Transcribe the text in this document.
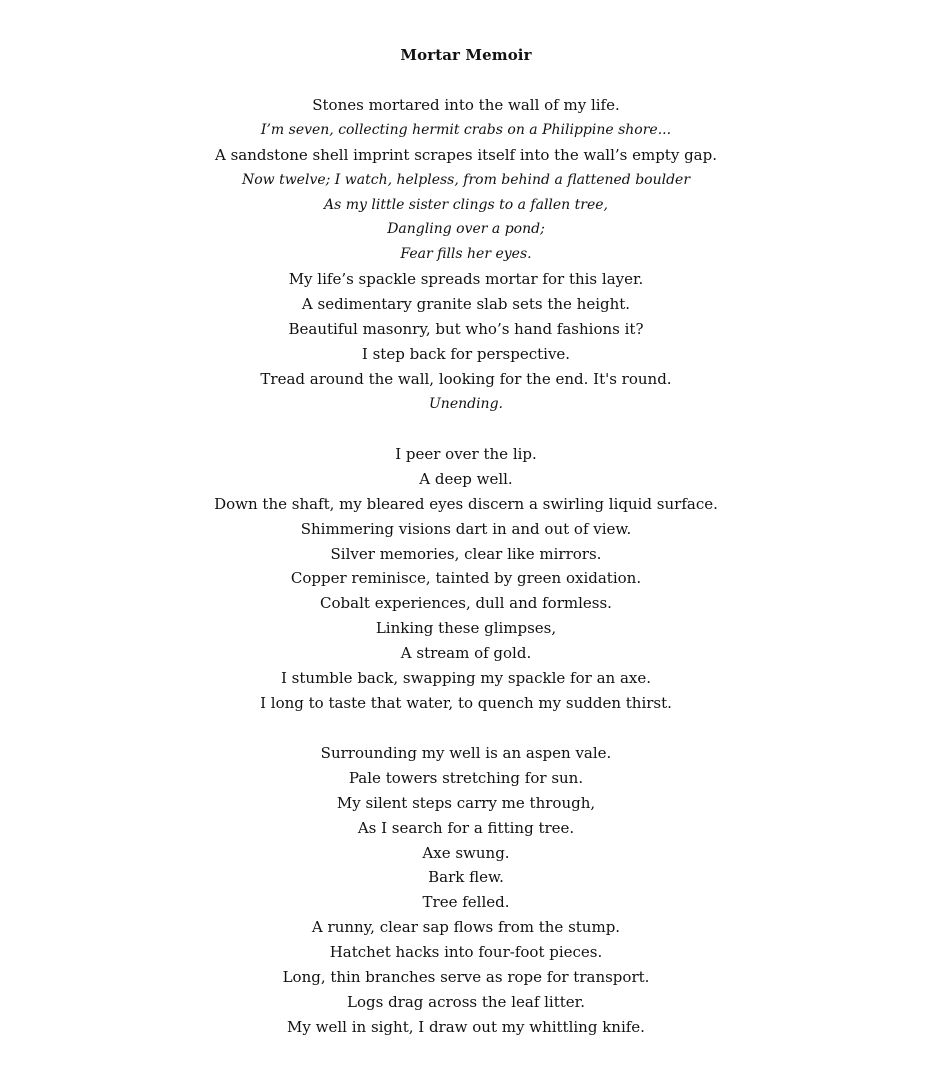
Mortar Memoir
Stones mortared into the wall of my life.
I’m seven, collecting hermit crabs on a Philippine shore...
A sandstone shell imprint scrapes itself into the wall’s empty gap.
Now twelve; I watch, helpless, from behind a flattened boulder
As my little sister clings to a fallen tree,
Dangling over a pond;
Fear fills her eyes.
My life’s spackle spreads mortar for this layer.
A sedimentary granite slab sets the height.
Beautiful masonry, but who’s hand fashions it?
I step back for perspective.
Tread around the wall, looking for the end. It's round.
Unending.
I peer over the lip.
A deep well.
Down the shaft, my bleared eyes discern a swirling liquid surface.
Shimmering visions dart in and out of view.
Silver memories, clear like mirrors.
Copper reminisce, tainted by green oxidation.
Cobalt experiences, dull and formless.
Linking these glimpses,
A stream of gold.
I stumble back, swapping my spackle for an axe.
I long to taste that water, to quench my sudden thirst.
Surrounding my well is an aspen vale.
Pale towers stretching for sun.
My silent steps carry me through,
As I search for a fitting tree.
Axe swung.
Bark flew.
Tree felled.
A runny, clear sap flows from the stump.
Hatchet hacks into four-foot pieces.
Long, thin branches serve as rope for transport.
Logs drag across the leaf litter.
My well in sight, I draw out my whittling knife.
